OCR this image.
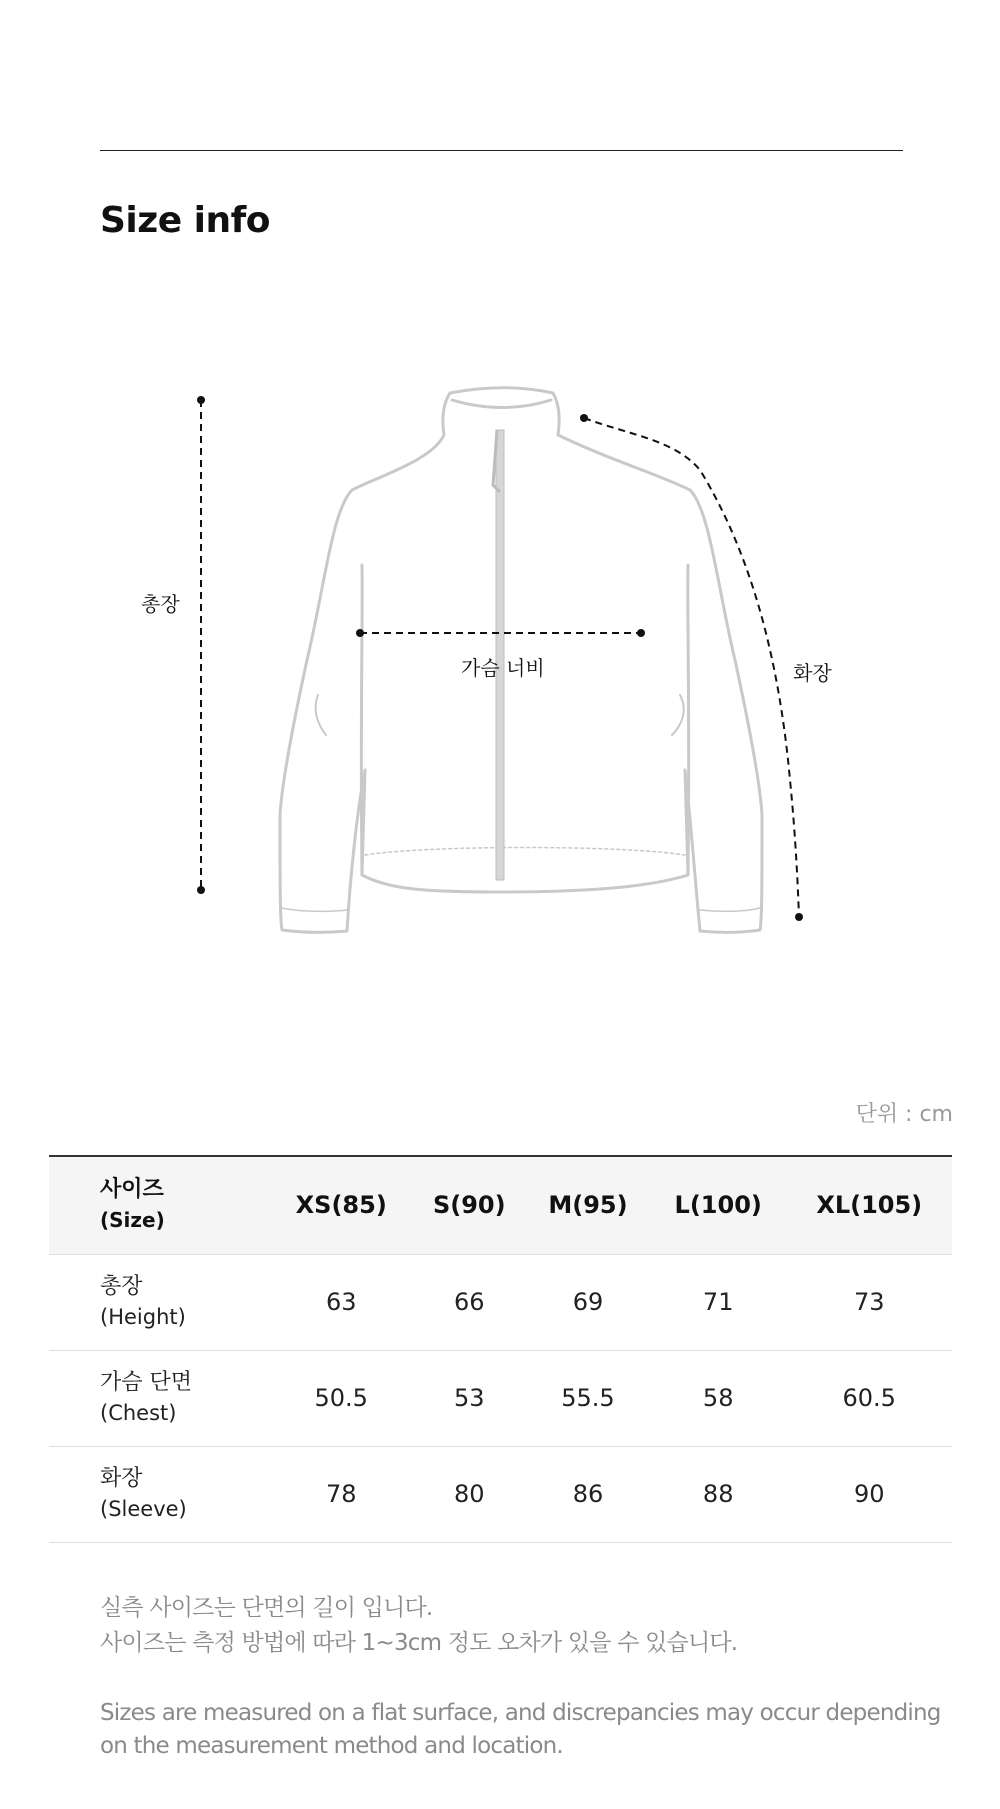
Size info
총장
가슴 너비	화장
단위 : cm
사이즈
(Size)	XS(85)	S(90)	M(95)	L(100)	XL(105)

총장
(Height)	63	66	69	71	73

가슴 단면
(Chest)	50.5	53	55.5	58	60.5

화장
(Sleeve)	78	80	86	88	90
실측 사이즈는 단면의 길이 입니다.
사이즈는 측정 방법에 따라 1~3cm 정도 오차가 있을 수 있습니다.
Sizes are measured on a flat surface, and discrepancies may occur depending
on the measurement method and location.
